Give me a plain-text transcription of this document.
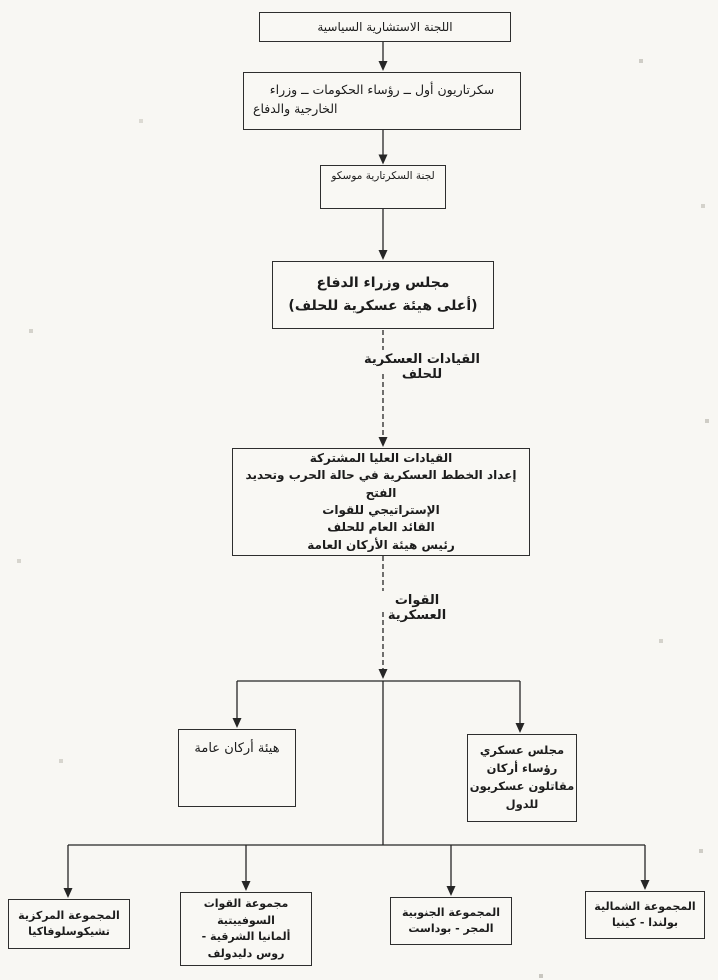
اللجنة الاستشارية السياسية
سكرتاريون أول ــ رؤساء الحكومات ــ وزراء
الخارجية والدفاع
لجنة السكرتارية موسكو
مجلس وزراء الدفاع
(أعلى هيئة عسكرية للحلف)
القيادات العسكرية للحلف
القيادات العليا المشتركة
إعداد الخطط العسكرية في حالة الحرب وتحديد الفتح
الإستراتيجي للقوات
القائد العام للحلف
رئيس هيئة الأركان العامة
القوات العسكرية
هيئة أركان عامة	مجلس عسكري
رؤساء أركان
مقاتلون عسكريون
للدول
المجموعة المركزية
تشيكوسلوفاكيا
مجموعة القوات السوفييتية
ألمانيا الشرقية -
روس دليدولف
المجموعة الجنوبية
المجر - بوداست
المجموعة الشمالية
بولندا - كينيا
